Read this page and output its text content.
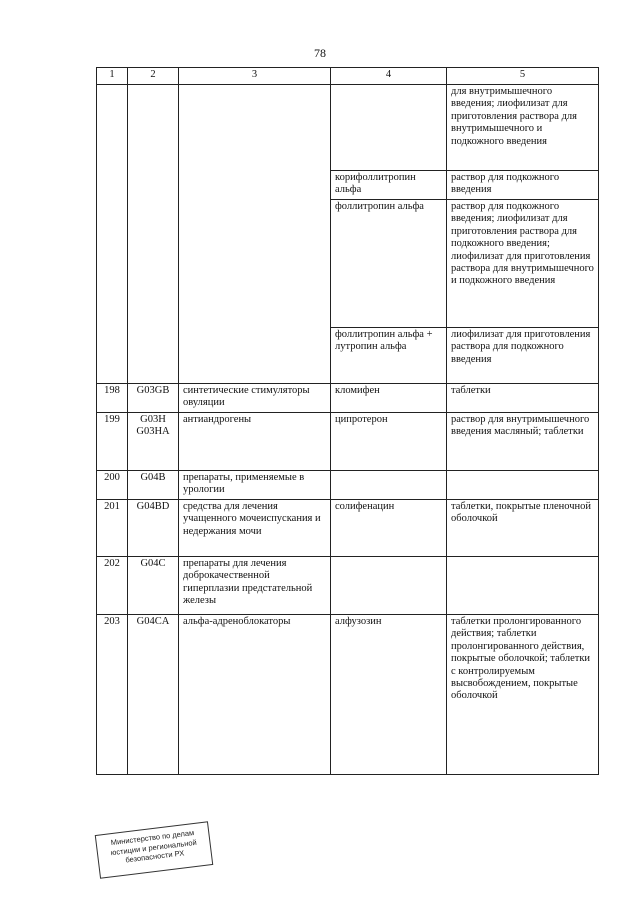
78
1	2	3	4	5
				для внутримышечного введения; лиофилизат для приготовления раствора для внутримышечного и подкожного введения
			корифоллитропин альфа	раствор для подкожного введения
			фоллитропин альфа	раствор для подкожного введения; лиофилизат для приготовления раствора для подкожного введения; лиофилизат для приготовления раствора для внутримышечного и подкожного введения
			фоллитропин альфа + лутропин альфа	лиофилизат для приготовления раствора для подкожного введения
198	G03GB	синтетические стимуляторы овуляции	кломифен	таблетки
199	G03H G03HA	антиандрогены	ципротерон	раствор для внутримышечного введения масляный; таблетки
200	G04B	препараты, применяемые в урологии		
201	G04BD	средства для лечения учащенного мочеиспускания и недержания мочи	солифенацин	таблетки, покрытые пленочной оболочкой
202	G04C	препараты для лечения доброкачественной гиперплазии предстательной железы		
203	G04CA	альфа-адреноблокаторы	алфузозин	таблетки пролонгированного действия; таблетки пролонгированного действия, покрытые оболочкой; таблетки с контролируемым высвобождением, покрытые оболочкой
Министерство по делам юстиции и региональной безопасности РХ
